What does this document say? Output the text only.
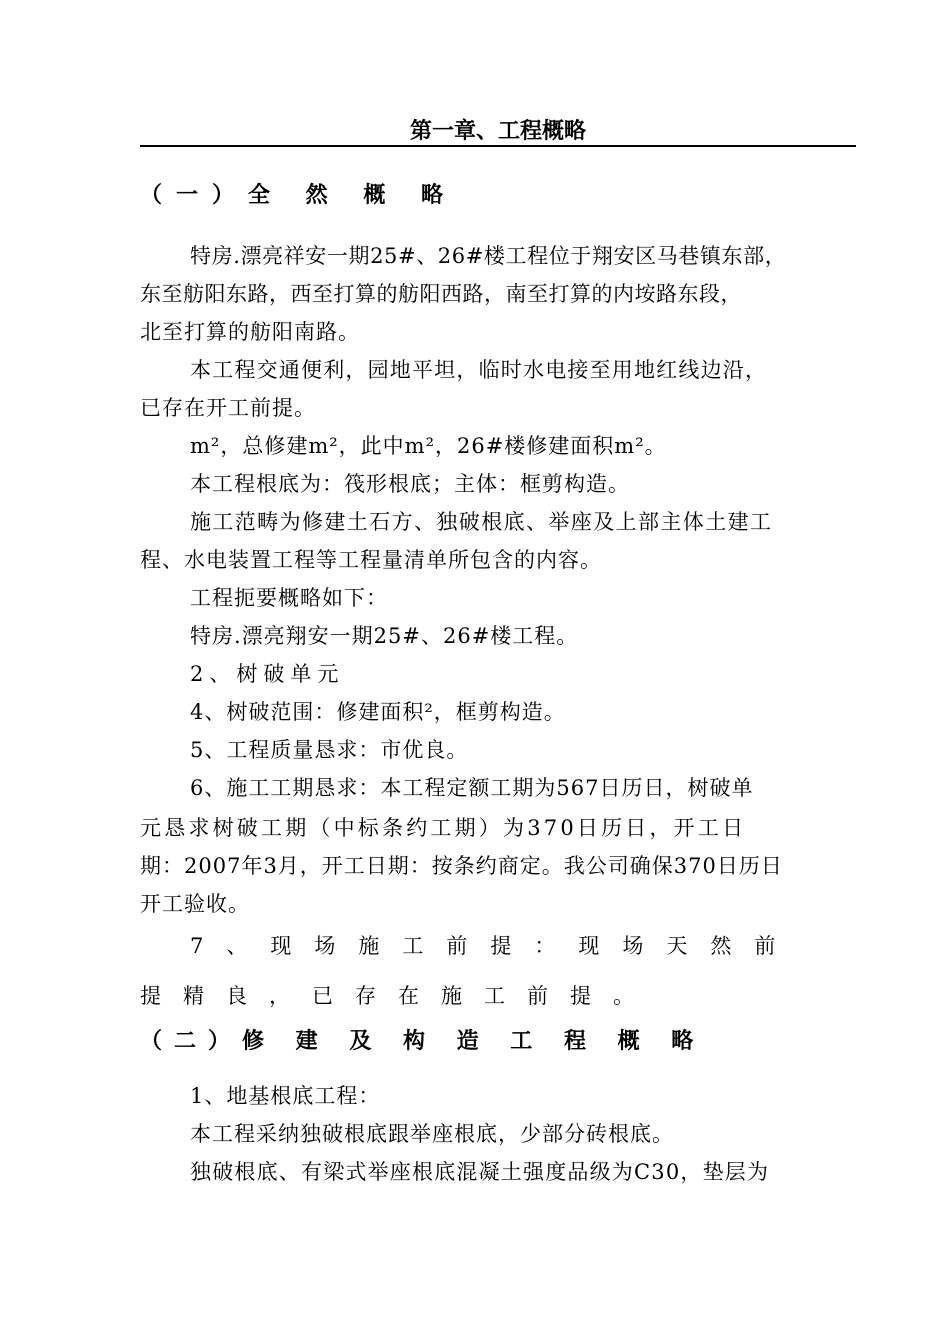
第一章、工程概略
（一）全 然 概 略
特房.漂亮祥安一期25#、26#楼工程位于翔安区马巷镇东部，
东至舫阳东路，西至打算的舫阳西路，南至打算的内垵路东段，
北至打算的舫阳南路。
本工程交通便利，园地平坦，临时水电接至用地红线边沿，
已存在开工前提。
m²，总修建m²，此中m²，26#楼修建面积m²。
本工程根底为：筏形根底；主体：框剪构造。
施工范畴为修建土石方、独破根底、举座及上部主体土建工
程、水电装置工程等工程量清单所包含的内容。
工程扼要概略如下：
特房.漂亮翔安一期25#、26#楼工程。
2、树破单元
4、树破范围：修建面积²，框剪构造。
5、工程质量恳求：市优良。
6、施工工期恳求：本工程定额工期为567日历日，树破单
元恳求树破工期（中标条约工期）为370日历日，开工日
期：2007年3月，开工日期：按条约商定。我公司确保370日历日
开工验收。
7、现场施工前提：现场天然前
提精良，已存在施工前提。
（二）修 建 及 构 造 工 程 概 略
1、地基根底工程：
本工程采纳独破根底跟举座根底，少部分砖根底。
独破根底、有梁式举座根底混凝土强度品级为C30，垫层为
